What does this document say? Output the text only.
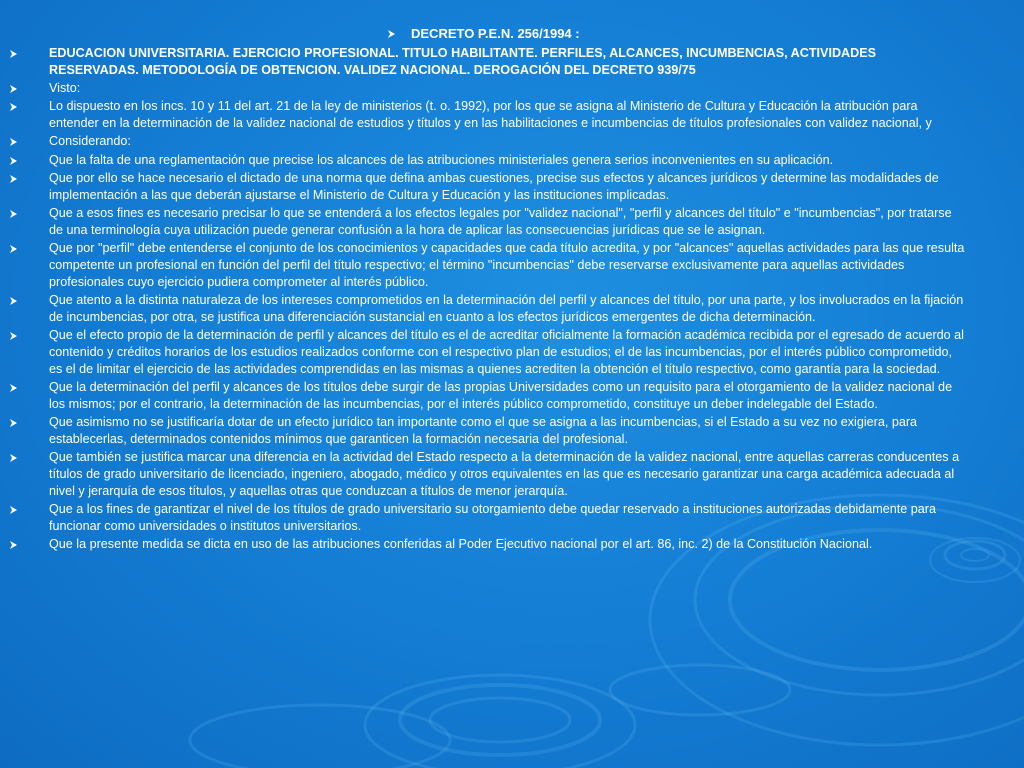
DECRETO P.E.N. 256/1994 :
EDUCACION UNIVERSITARIA. EJERCICIO PROFESIONAL. TITULO HABILITANTE. PERFILES, ALCANCES, INCUMBENCIAS, ACTIVIDADES RESERVADAS. METODOLOGÍA DE OBTENCION. VALIDEZ NACIONAL. DEROGACIÓN DEL DECRETO 939/75
Visto:
Lo dispuesto en los incs. 10 y 11 del art. 21 de la ley de ministerios (t. o. 1992), por los que se asigna al Ministerio de Cultura y Educación la atribución para entender en la determinación de la validez nacional de estudios y títulos y en las habilitaciones e incumbencias de títulos profesionales con validez nacional, y
Considerando:
Que la falta de una reglamentación que precise los alcances de las atribuciones ministeriales genera serios inconvenientes en su aplicación.
Que por ello se hace necesario el dictado de una norma que defina ambas cuestiones, precise sus efectos y alcances jurídicos y determine las modalidades de implementación a las que deberán ajustarse el Ministerio de Cultura y Educación y las instituciones implicadas.
Que a esos fines es necesario precisar lo que se entenderá a los efectos legales por "validez nacional", "perfil y alcances del título" e "incumbencias", por tratarse de una terminología cuya utilización puede generar confusión a la hora de aplicar las consecuencias jurídicas que se le asignan.
Que por "perfil" debe entenderse el conjunto de los conocimientos y capacidades que cada título acredita, y por "alcances" aquellas actividades para las que resulta competente un profesional en función del perfil del título respectivo; el término "incumbencias" debe reservarse exclusivamente para aquellas actividades profesionales cuyo ejercicio pudiera comprometer al interés público.
Que atento a la distinta naturaleza de los intereses comprometidos en la determinación del perfil y alcances del título, por una parte, y los involucrados en la fijación de incumbencias, por otra, se justifica una diferenciación sustancial en cuanto a los efectos jurídicos emergentes de dicha determinación.
Que el efecto propio de la determinación de perfil y alcances del título es el de acreditar oficialmente la formación académica recibida por el egresado de acuerdo al contenido y créditos horarios de los estudios realizados conforme con el respectivo plan de estudios; el de las incumbencias, por el interés público comprometido, es el de limitar el ejercicio de las actividades comprendidas en las mismas a quienes acrediten la obtención el título respectivo, como garantía para la sociedad.
Que la determinación del perfil y alcances de los títulos debe surgir de las propias Universidades como un requisito para el otorgamiento de la validez nacional de los mismos; por el contrario, la determinación de las incumbencias, por el interés público comprometido, constituye un deber indelegable del Estado.
Que asimismo no se justificaría dotar de un efecto jurídico tan importante como el que se asigna a las incumbencias, si el Estado a su vez no exigiera, para establecerlas, determinados contenidos mínimos que garanticen la formación necesaria del profesional.
Que también se justifica marcar una diferencia en la actividad del Estado respecto a la determinación de la validez nacional, entre aquellas carreras conducentes a títulos de grado universitario de licenciado, ingeniero, abogado, médico y otros equivalentes en las que es necesario garantizar una carga académica adecuada al nivel y jerarquía de esos títulos, y aquellas otras que conduzcan a títulos de menor jerarquía.
Que a los fines de garantizar el nivel de los títulos de grado universitario su otorgamiento debe quedar reservado a instituciones autorizadas debidamente para funcionar como universidades o institutos universitarios.
Que la presente medida se dicta en uso de las atribuciones conferidas al Poder Ejecutivo nacional por el art. 86, inc. 2) de la Constitución Nacional.
